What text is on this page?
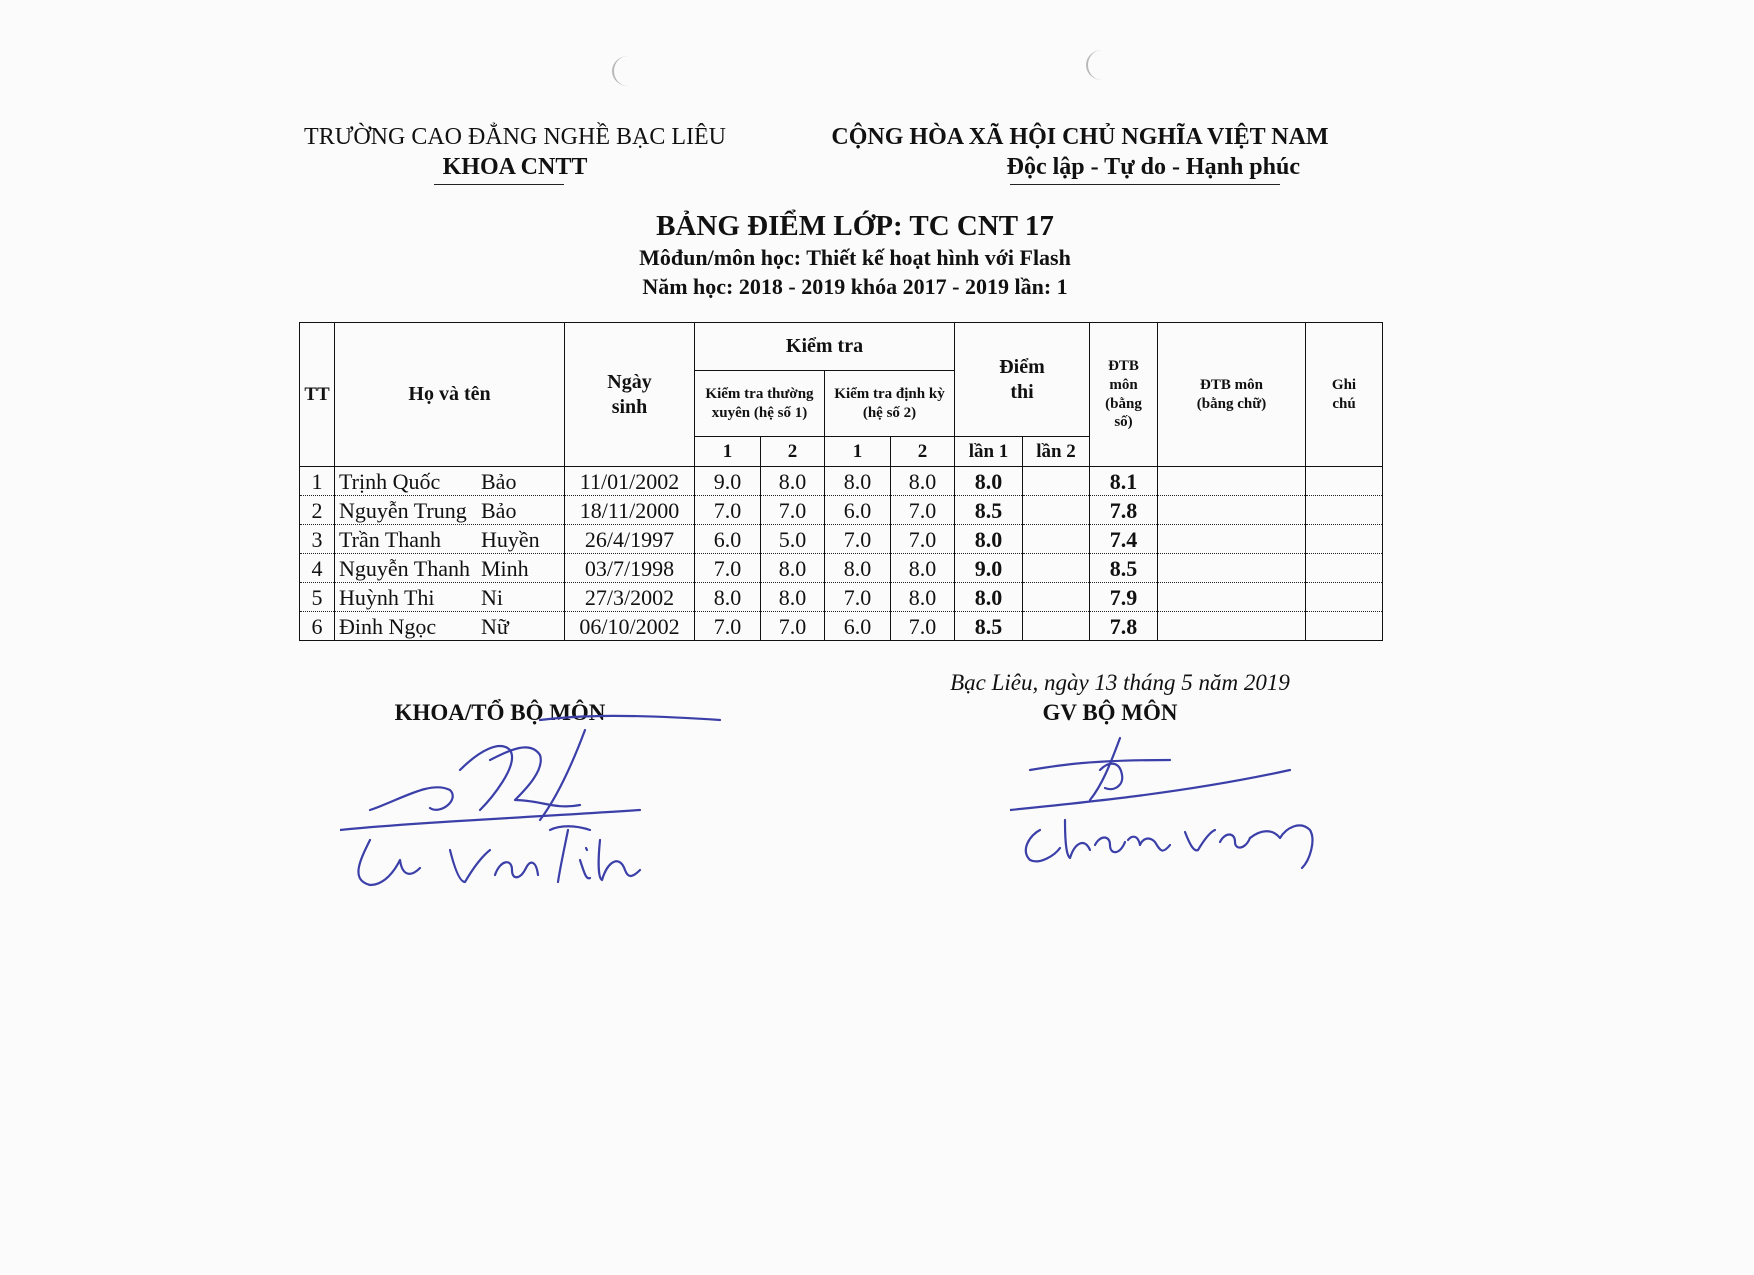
TRƯỜNG CAO ĐẲNG NGHỀ BẠC LIÊU
KHOA CNTT
CỘNG HÒA XÃ HỘI CHỦ NGHĨA VIỆT NAM
Độc lập - Tự do - Hạnh phúc
BẢNG ĐIỂM LỚP: TC CNT 17
Môđun/môn học: Thiết kế hoạt hình với Flash
Năm học: 2018 - 2019 khóa 2017 - 2019 lần: 1
TT	Họ và tên	Ngày sinh	Kiểm tra				Điểm thi		ĐTB môn (bằng số)	ĐTB môn (bằng chữ)	Ghi chú

			Kiểm tra thường xuyên (hệ số 1)		Kiểm tra định kỳ (hệ số 2)						

			1	2	1	2	lần 1	lần 2			
1	Trịnh Quốc Bảo	11/01/2002	9.0	8.0	8.0	8.0	8.0		8.1		
2	Nguyễn Trung Bảo	18/11/2000	7.0	7.0	6.0	7.0	8.5		7.8		
3	Trần Thanh Huyền	26/4/1997	6.0	5.0	7.0	7.0	8.0		7.4		
4	Nguyễn Thanh Minh	03/7/1998	7.0	8.0	8.0	8.0	9.0		8.5		
5	Huỳnh Thi Ni	27/3/2002	8.0	8.0	7.0	8.0	8.0		7.9		
6	Đinh Ngọc Nữ	06/10/2002	7.0	7.0	6.0	7.0	8.5		7.8		
Bạc Liêu, ngày 13 tháng 5 năm 2019
KHOA/TỔ BỘ MÔN	GV BỘ MÔN
